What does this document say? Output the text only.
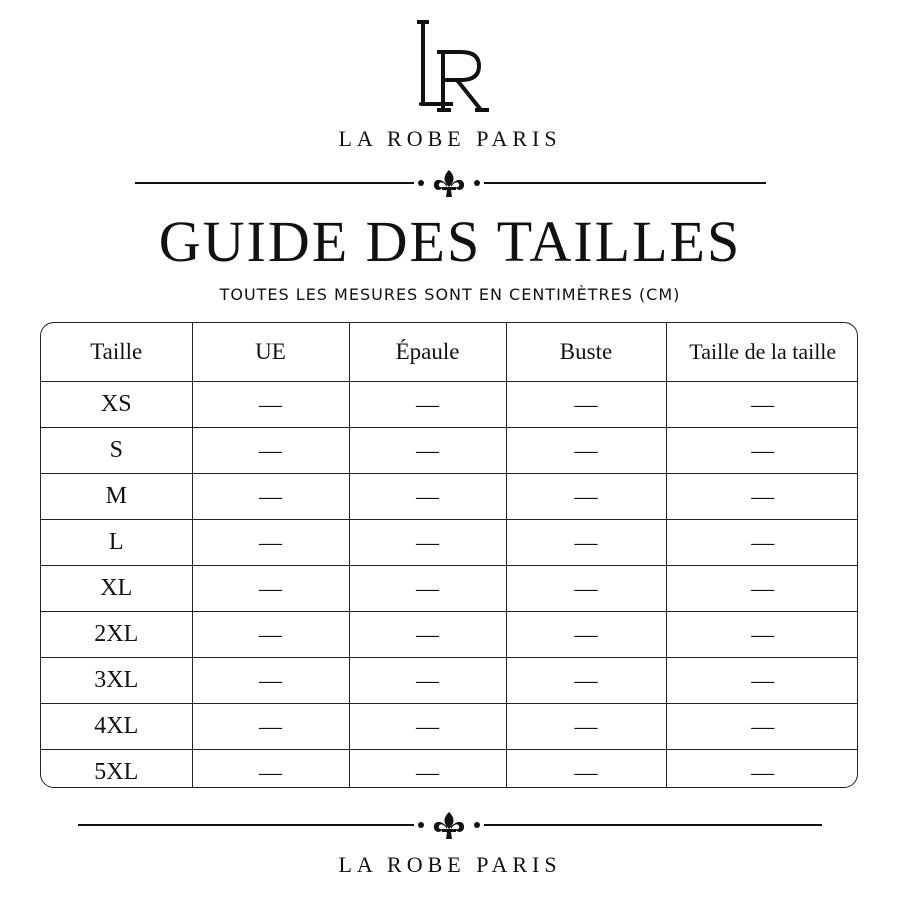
LA ROBE PARIS
GUIDE DES TAILLES
TOUTES LES MESURES SONT EN CENTIMÈTRES (CM)
Taille	UE	Épaule	Buste	Taille de la taille
XS	—	—	—	—
S	—	—	—	—
M	—	—	—	—
L	—	—	—	—
XL	—	—	—	—
2XL	—	—	—	—
3XL	—	—	—	—
4XL	—	—	—	—
5XL	—	—	—	—
LA ROBE PARIS
